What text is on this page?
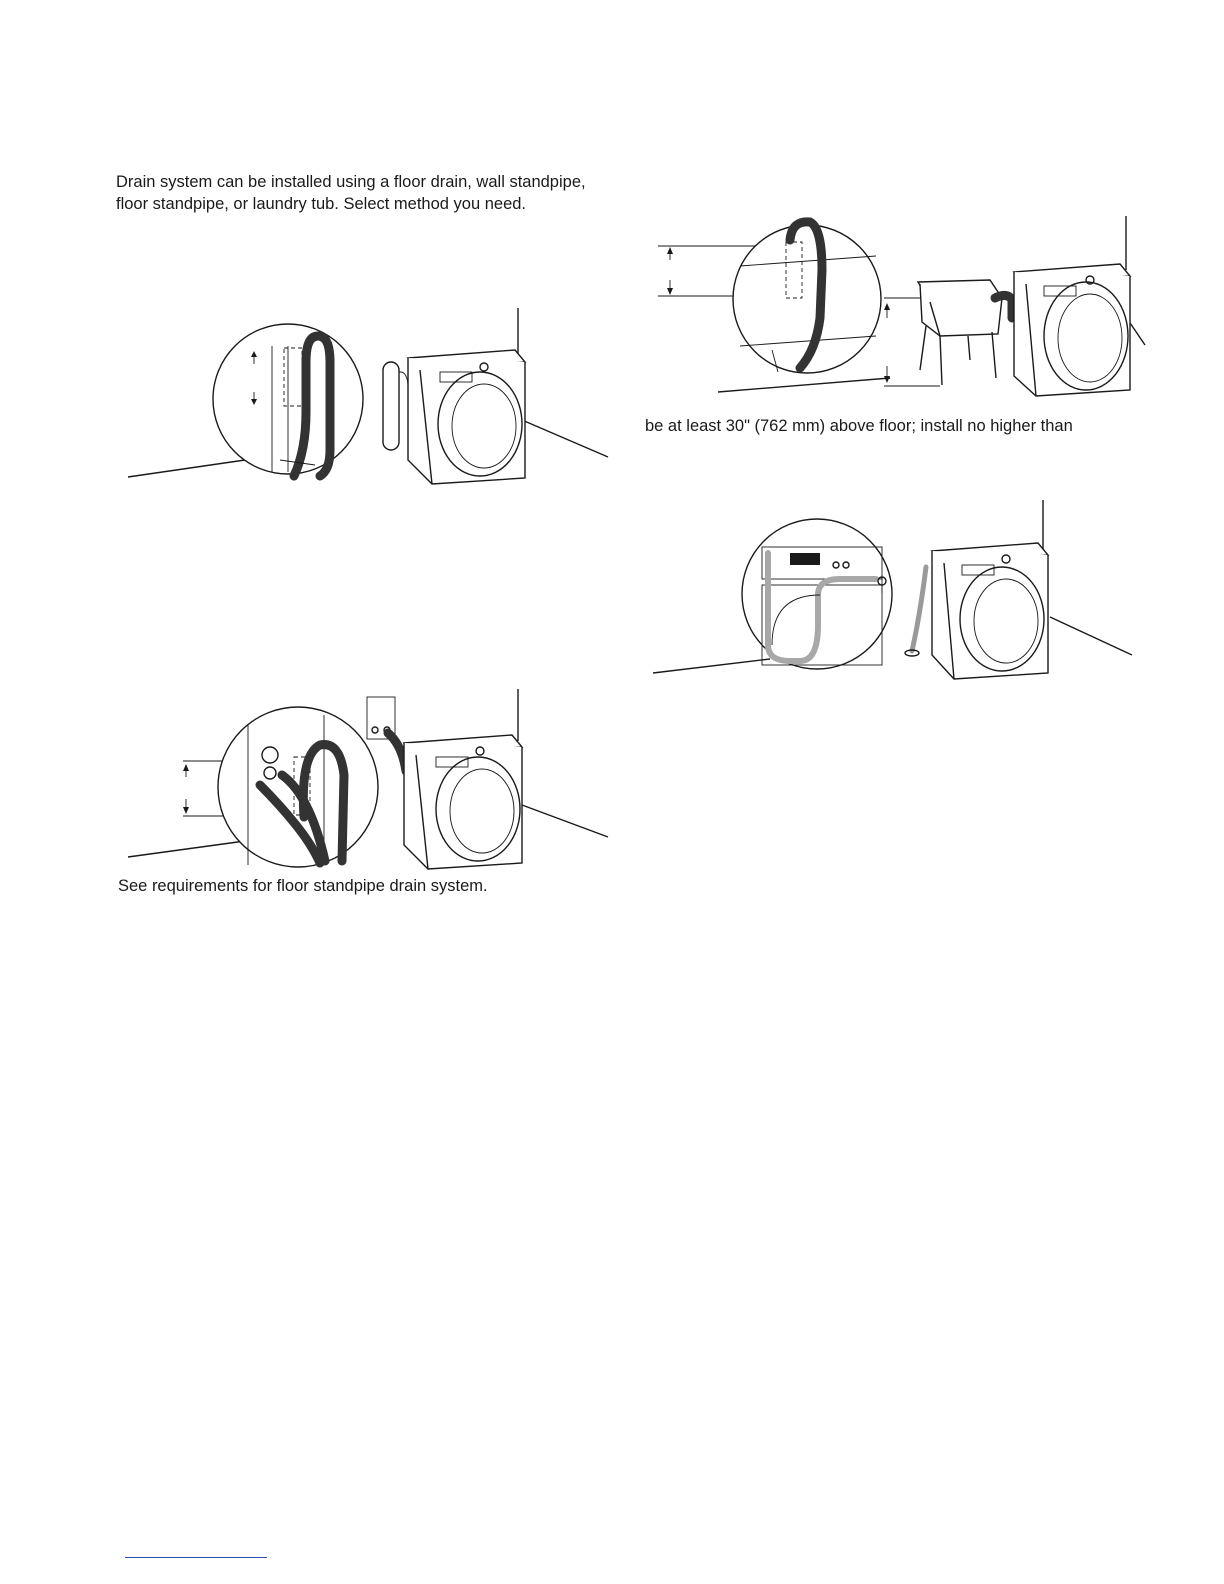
Drain system can be installed using a floor drain, wall standpipe,
floor standpipe, or laundry tub. Select method you need.

be at least 30" (762 mm) above floor; install no higher than

See requirements for floor standpipe drain system.
